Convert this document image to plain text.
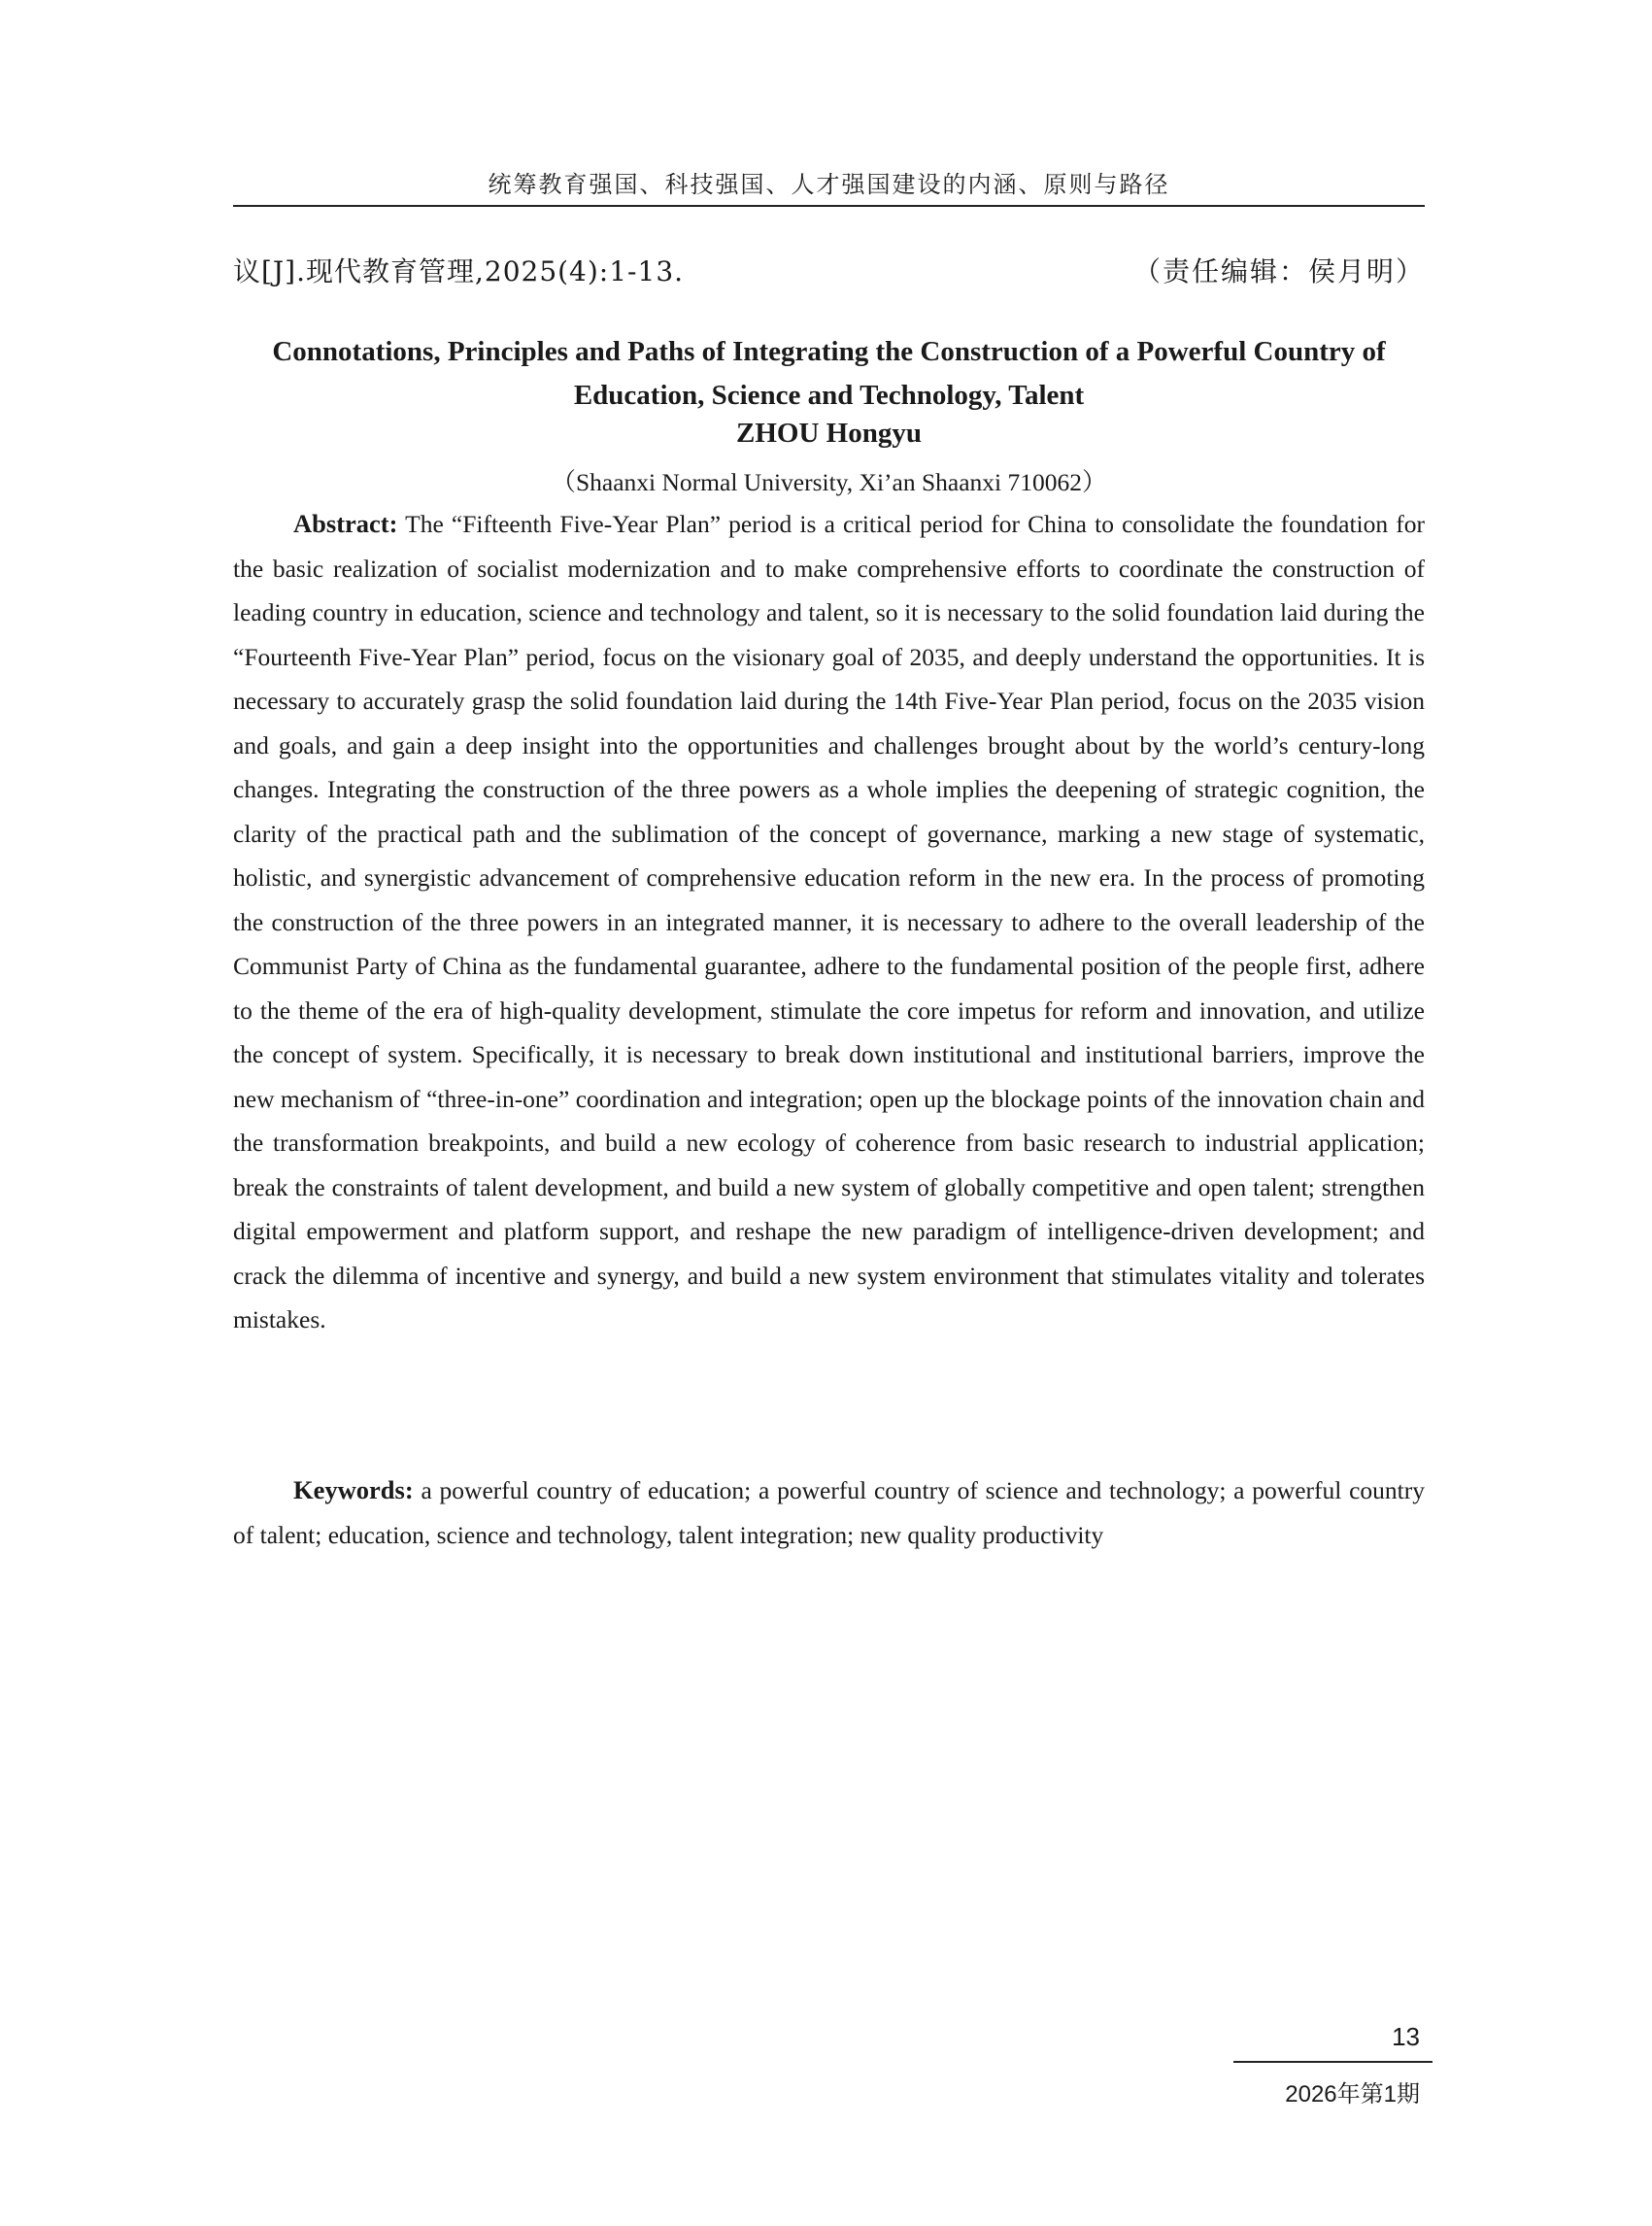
统筹教育强国、科技强国、人才强国建设的内涵、原则与路径
议[J].现代教育管理,2025(4):1-13.	（责任编辑：侯月明）
Connotations, Principles and Paths of Integrating the Construction of a Powerful Country of Education, Science and Technology, Talent
ZHOU Hongyu
（Shaanxi Normal University, Xi’an Shaanxi 710062）

Abstract: The “Fifteenth Five-Year Plan” period is a critical period for China to consolidate the foundation for the basic realization of socialist modernization and to make comprehensive efforts to coordinate the construction of leading country in education, science and technology and talent, so it is necessary to the solid foundation laid during the “Fourteenth Five-Year Plan” period, focus on the visionary goal of 2035, and deeply understand the opportunities. It is necessary to accurately grasp the solid foundation laid during the 14th Five-Year Plan period, focus on the 2035 vision and goals, and gain a deep insight into the opportunities and challenges brought about by the world’s century-long changes. Integrating the construction of the three powers as a whole implies the deepening of strategic cognition, the clarity of the practical path and the sublimation of the concept of governance, marking a new stage of systematic, holistic, and synergistic advancement of comprehensive education reform in the new era. In the process of promoting the construction of the three powers in an integrated manner, it is necessary to adhere to the overall leadership of the Communist Party of China as the fundamental guarantee, adhere to the fundamental position of the people first, adhere to the theme of the era of high-quality development, stimulate the core impetus for reform and innovation, and utilize the concept of system. Specifically, it is necessary to break down institutional and institutional barriers, improve the new mechanism of “three-in-one” coordination and integration; open up the blockage points of the innovation chain and the transformation breakpoints, and build a new ecology of coherence from basic research to industrial application; break the constraints of talent development, and build a new system of globally competitive and open talent; strengthen digital empowerment and platform support, and reshape the new paradigm of intelligence-driven development; and crack the dilemma of incentive and synergy, and build a new system environment that stimulates vitality and tolerates mistakes.

Keywords: a powerful country of education; a powerful country of science and technology; a powerful country of talent; education, science and technology, talent integration; new quality productivity

13
2026年第1期
